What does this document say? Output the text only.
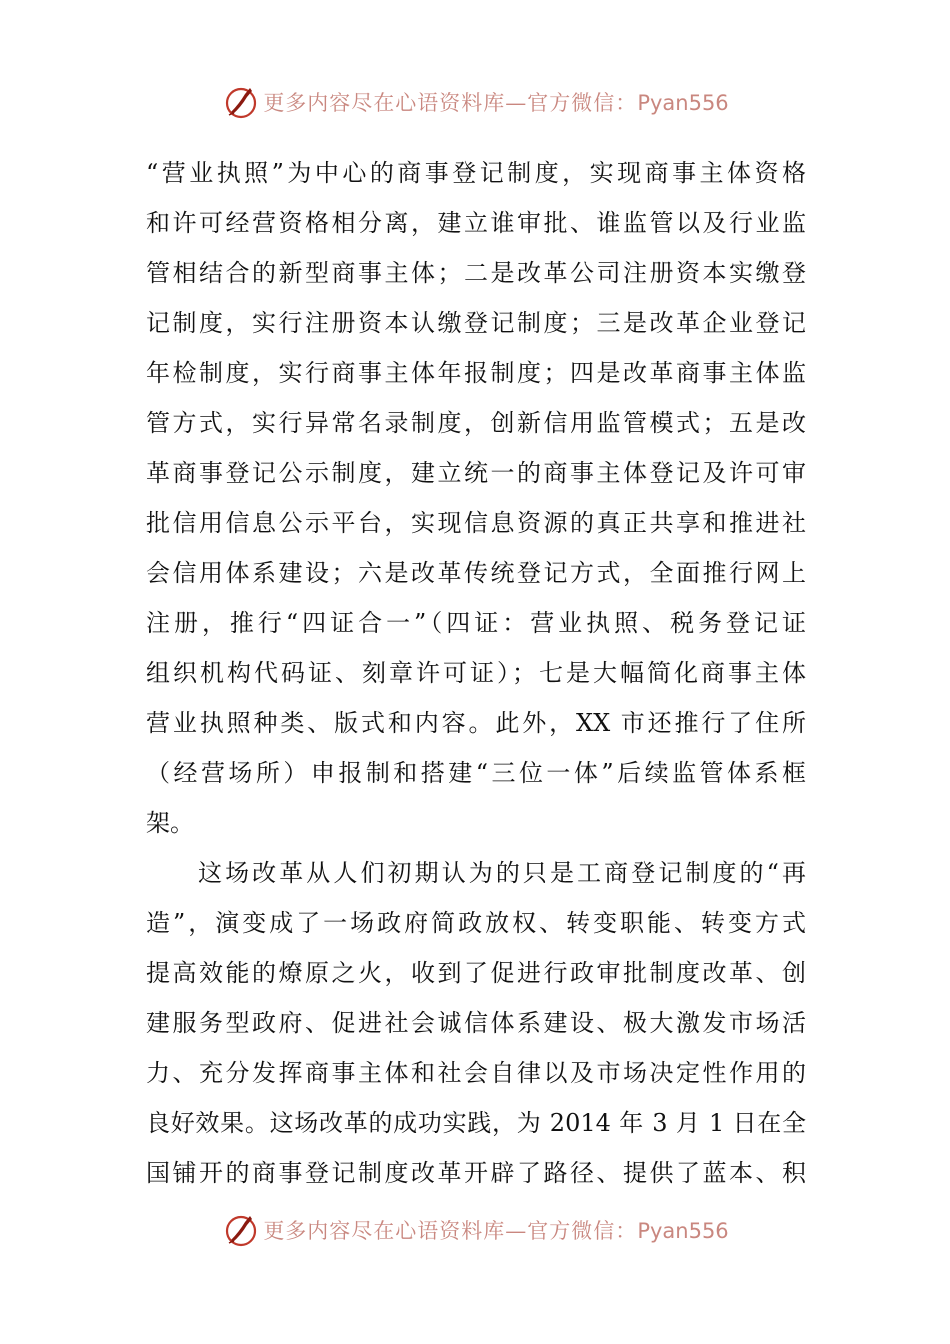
更多内容尽在心语资料库—官方微信：Pyan556
“营业执照”为中心的商事登记制度，实现商事主体资格
和许可经营资格相分离，建立谁审批、谁监管以及行业监
管相结合的新型商事主体；二是改革公司注册资本实缴登
记制度，实行注册资本认缴登记制度；三是改革企业登记
年检制度，实行商事主体年报制度；四是改革商事主体监
管方式，实行异常名录制度，创新信用监管模式；五是改
革商事登记公示制度，建立统一的商事主体登记及许可审
批信用信息公示平台，实现信息资源的真正共享和推进社
会信用体系建设；六是改革传统登记方式，全面推行网上
注册，推行“四证合一”（四证：营业执照、税务登记证
组织机构代码证、刻章许可证）；七是大幅简化商事主体
营业执照种类、版式和内容。此外，XX 市还推行了住所
（经营场所）申报制和搭建“三位一体”后续监管体系框
架。
这场改革从人们初期认为的只是工商登记制度的“再
造”，演变成了一场政府简政放权、转变职能、转变方式
提高效能的燎原之火，收到了促进行政审批制度改革、创
建服务型政府、促进社会诚信体系建设、极大激发市场活
力、充分发挥商事主体和社会自律以及市场决定性作用的
良好效果。这场改革的成功实践，为 2014 年 3 月 1 日在全
国铺开的商事登记制度改革开辟了路径、提供了蓝本、积
更多内容尽在心语资料库—官方微信：Pyan556
